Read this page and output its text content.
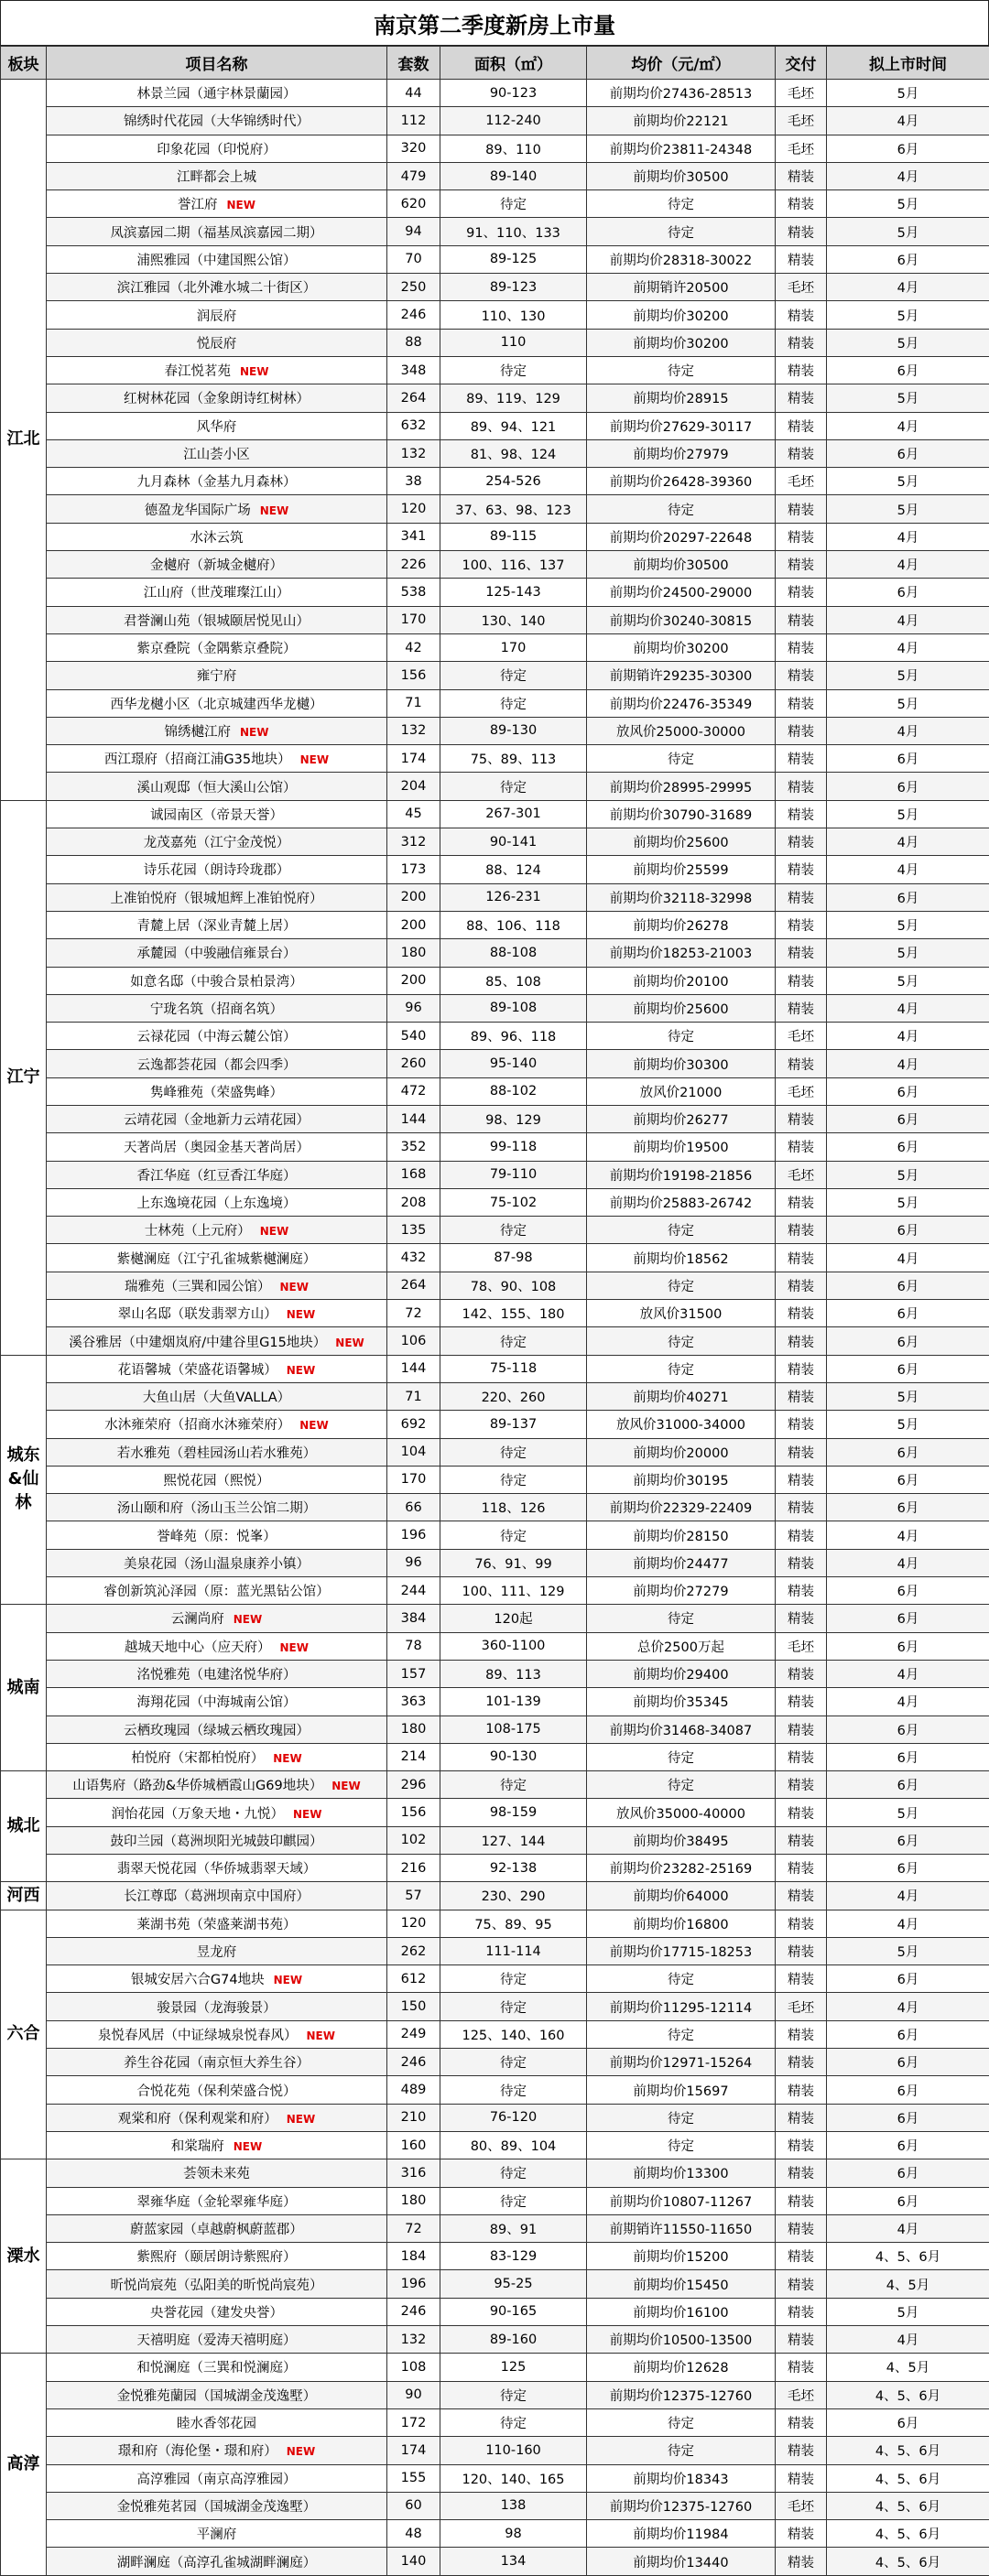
南京第二季度新房上市量
板块	项目名称	套数	面积（㎡）	均价（元/㎡）	交付	拟上市时间
江北	林景兰园（通宇林景蘭园）	44	90-123	前期均价27436-28513	毛坯	5月
	锦绣时代花园（大华锦绣时代）	112	112-240	前期均价22121	毛坯	4月
	印象花园（印悦府）	320	89、110	前期均价23811-24348	毛坯	6月
	江畔都会上城	479	89-140	前期均价30500	精装	4月
	誉江府 NEW	620	待定	待定	精装	5月
	凤滨嘉园二期（福基凤滨嘉园二期）	94	91、110、133	待定	精装	5月
	浦熙雅园（中建国熙公馆）	70	89-125	前期均价28318-30022	精装	6月
	滨江雅园（北外滩水城二十街区）	250	89-123	前期销许20500	毛坯	4月
	润辰府	246	110、130	前期均价30200	精装	5月
	悦辰府	88	110	前期均价30200	精装	5月
	春江悦茗苑 NEW	348	待定	待定	精装	6月
	红树林花园（金象朗诗红树林）	264	89、119、129	前期均价28915	精装	5月
	风华府	632	89、94、121	前期均价27629-30117	精装	4月
	江山荟小区	132	81、98、124	前期均价27979	精装	6月
	九月森林（金基九月森林）	38	254-526	前期均价26428-39360	毛坯	5月
	德盈龙华国际广场 NEW	120	37、63、98、123	待定	精装	5月
	水沐云筑	341	89-115	前期均价20297-22648	精装	4月
	金樾府（新城金樾府）	226	100、116、137	前期均价30500	精装	4月
	江山府（世茂璀璨江山）	538	125-143	前期均价24500-29000	精装	6月
	君誉澜山苑（银城颐居悦见山）	170	130、140	前期均价30240-30815	精装	4月
	紫京叠院（金隅紫京叠院）	42	170	前期均价30200	精装	4月
	雍宁府	156	待定	前期销许29235-30300	精装	5月
	西华龙樾小区（北京城建西华龙樾）	71	待定	前期均价22476-35349	精装	5月
	锦绣樾江府 NEW	132	89-130	放风价25000-30000	精装	4月
	西江璟府（招商江浦G35地块） NEW	174	75、89、113	待定	精装	6月
	溪山观邸（恒大溪山公馆）	204	待定	前期均价28995-29995	精装	6月
江宁	诚园南区（帝景天誉）	45	267-301	前期均价30790-31689	精装	5月
	龙茂嘉苑（江宁金茂悦）	312	90-141	前期均价25600	精装	4月
	诗乐花园（朗诗玲珑郡）	173	88、124	前期均价25599	精装	4月
	上准铂悦府（银城旭辉上准铂悦府）	200	126-231	前期均价32118-32998	精装	6月
	青麓上居（深业青麓上居）	200	88、106、118	前期均价26278	精装	5月
	承麓园（中骏融信雍景台）	180	88-108	前期均价18253-21003	精装	5月
	如意名邸（中骏合景柏景湾）	200	85、108	前期均价20100	精装	5月
	宁珑名筑（招商名筑）	96	89-108	前期均价25600	精装	4月
	云禄花园（中海云麓公馆）	540	89、96、118	待定	毛坯	4月
	云逸都荟花园（都会四季）	260	95-140	前期均价30300	精装	4月
	隽峰雅苑（荣盛隽峰）	472	88-102	放风价21000	毛坯	6月
	云靖花园（金地新力云靖花园）	144	98、129	前期均价26277	精装	6月
	天著尚居（奥园金基天著尚居）	352	99-118	前期均价19500	精装	6月
	香江华庭（红豆香江华庭）	168	79-110	前期均价19198-21856	毛坯	5月
	上东逸境花园（上东逸境）	208	75-102	前期均价25883-26742	精装	5月
	士林苑（上元府） NEW	135	待定	待定	精装	6月
	紫樾澜庭（江宁孔雀城紫樾澜庭）	432	87-98	前期均价18562	精装	4月
	瑞雅苑（三巽和园公馆） NEW	264	78、90、108	待定	精装	6月
	翠山名邸（联发翡翠方山） NEW	72	142、155、180	放风价31500	精装	6月
	溪谷雅居（中建烟岚府/中建谷里G15地块） NEW	106	待定	待定	精装	6月
城东&仙林	花语馨城（荣盛花语馨城） NEW	144	75-118	待定	精装	6月
	大鱼山居（大鱼VALLA）	71	220、260	前期均价40271	精装	5月
	水沐雍荣府（招商水沐雍荣府） NEW	692	89-137	放风价31000-34000	精装	5月
	若水雅苑（碧桂园汤山若水雅苑）	104	待定	前期均价20000	精装	6月
	熙悦花园（熙悦）	170	待定	前期均价30195	精装	6月
	汤山颐和府（汤山玉兰公馆二期）	66	118、126	前期均价22329-22409	精装	6月
	誉峰苑（原：悦峯）	196	待定	前期均价28150	精装	4月
	美泉花园（汤山温泉康养小镇）	96	76、91、99	前期均价24477	精装	4月
	睿创新筑沁泽园（原：蓝光黑钻公馆）	244	100、111、129	前期均价27279	精装	6月
城南	云澜尚府 NEW	384	120起	待定	精装	6月
	越城天地中心（应天府） NEW	78	360-1100	总价2500万起	毛坯	6月
	洺悦雅苑（电建洺悦华府）	157	89、113	前期均价29400	精装	4月
	海翔花园（中海城南公馆）	363	101-139	前期均价35345	精装	4月
	云栖玫瑰园（绿城云栖玫瑰园）	180	108-175	前期均价31468-34087	精装	6月
	柏悦府（宋都柏悦府） NEW	214	90-130	待定	精装	6月
城北	山语隽府（路劲&华侨城栖霞山G69地块） NEW	296	待定	待定	精装	6月
	润怡花园（万象天地・九悦） NEW	156	98-159	放风价35000-40000	精装	5月
	鼓印兰园（葛洲坝阳光城鼓印麒园）	102	127、144	前期均价38495	精装	6月
	翡翠天悦花园（华侨城翡翠天域）	216	92-138	前期均价23282-25169	精装	6月
河西	长江尊邸（葛洲坝南京中国府）	57	230、290	前期均价64000	精装	4月
六合	莱湖书苑（荣盛莱湖书苑）	120	75、89、95	前期均价16800	精装	4月
	昱龙府	262	111-114	前期均价17715-18253	精装	5月
	银城安居六合G74地块 NEW	612	待定	待定	精装	6月
	骏景园（龙海骏景）	150	待定	前期均价11295-12114	毛坯	4月
	泉悦春风居（中证绿城泉悦春风） NEW	249	125、140、160	待定	精装	6月
	养生谷花园（南京恒大养生谷）	246	待定	前期均价12971-15264	精装	6月
	合悦花苑（保利荣盛合悦）	489	待定	前期均价15697	精装	6月
	观棠和府（保利观棠和府） NEW	210	76-120	待定	精装	6月
	和棠瑞府 NEW	160	80、89、104	待定	精装	6月
溧水	荟领未来苑	316	待定	前期均价13300	精装	6月
	翠雍华庭（金轮翠雍华庭）	180	待定	前期均价10807-11267	精装	6月
	蔚蓝家园（卓越蔚枫蔚蓝郡）	72	89、91	前期销许11550-11650	精装	4月
	紫熙府（颐居朗诗紫熙府）	184	83-129	前期均价15200	精装	4、5、6月
	昕悦尚宸苑（弘阳美的昕悦尚宸苑）	196	95-25	前期均价15450	精装	4、5月
	央誉花园（建发央誉）	246	90-165	前期均价16100	精装	5月
	天禧明庭（爱涛天禧明庭）	132	89-160	前期均价10500-13500	精装	4月
高淳	和悦澜庭（三巽和悦澜庭）	108	125	前期均价12628	精装	4、5月
	金悦雅苑蘭园（国城湖金茂逸墅）	90	待定	前期均价12375-12760	毛坯	4、5、6月
	睦水香邻花园	172	待定	待定	精装	6月
	璟和府（海伦堡・璟和府） NEW	174	110-160	待定	精装	4、5、6月
	高淳雅园（南京高淳雅园）	155	120、140、165	前期均价18343	精装	4、5、6月
	金悦雅苑茗园（国城湖金茂逸墅）	60	138	前期均价12375-12760	毛坯	4、5、6月
	平澜府	48	98	前期均价11984	精装	4、5、6月
	湖畔澜庭（高淳孔雀城湖畔澜庭）	140	134	前期均价13440	精装	4、5、6月
